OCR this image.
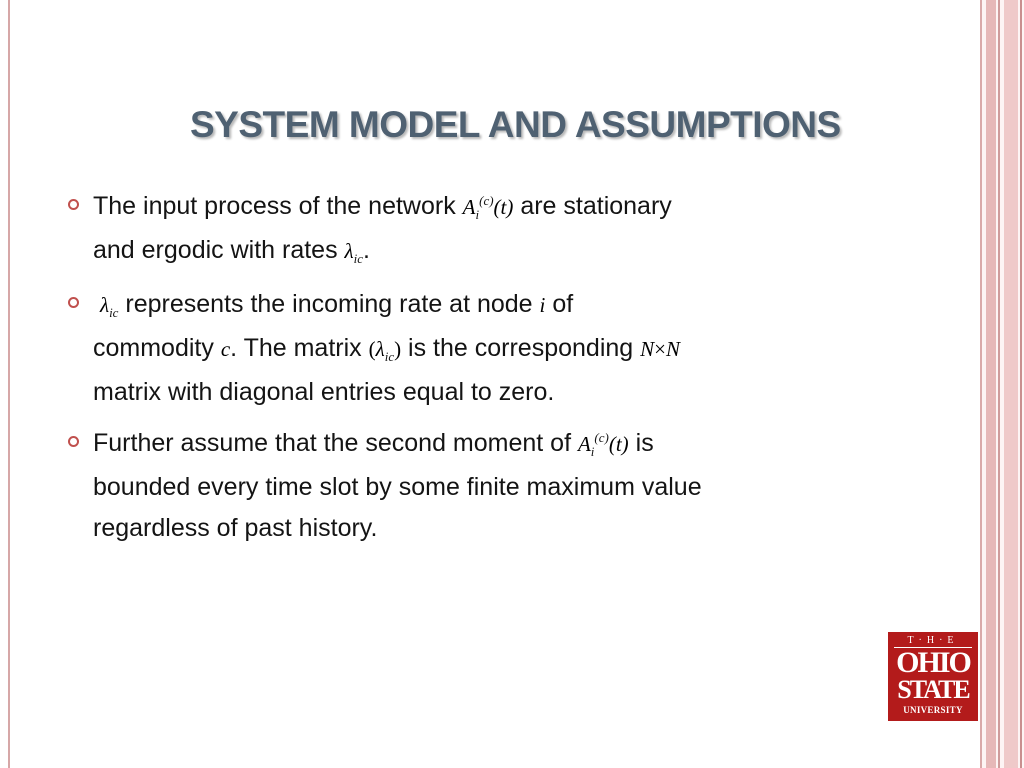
SYSTEM MODEL AND ASSUMPTIONS
The input process of the network $A_i^{(c)}(t)$ are stationary
and ergodic with rates $\lambda_{ic}$.
$\lambda_{ic}$ represents the incoming rate at node i of
commodity c. The matrix $(\lambda_{ic})$ is the corresponding N×N
matrix with diagonal entries equal to zero.
Further assume that the second moment of $A_i^{(c)}(t)$ is
bounded every time slot by some finite maximum value
regardless of past history.
T·H·E
OHIO
STATE
UNIVERSITY
